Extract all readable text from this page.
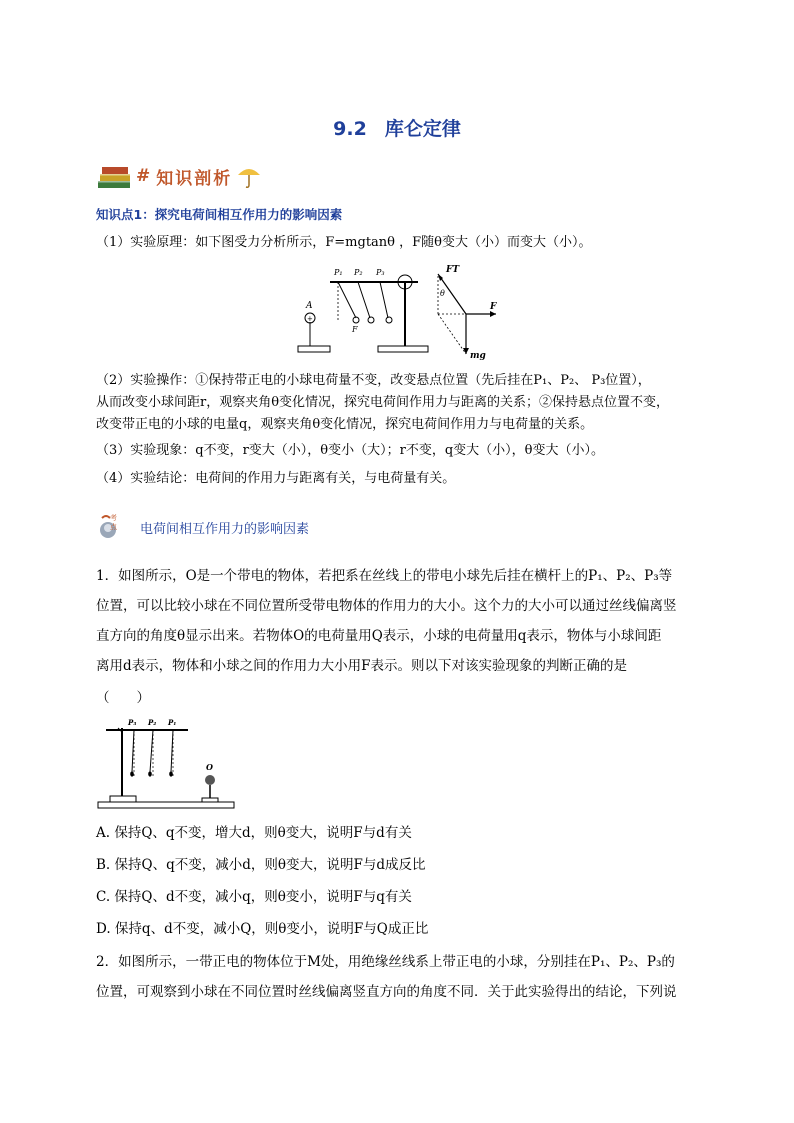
9.2 库仑定律
# 知识剖析
知识点1：探究电荷间相互作用力的影响因素
（1）实验原理：如下图受力分析所示，F=mgtanθ ，F随θ变大（小）而变大（小）。
+
A
P₁ P₂ P₃
F
FT
θ
F
mg
（2）实验操作：①保持带正电的小球电荷量不变，改变悬点位置（先后挂在P₁、P₂、 P₃位置），
从而改变小球间距r，观察夹角θ变化情况，探究电荷间作用力与距离的关系；②保持悬点位置不变，
改变带正电的小球的电量q，观察夹角θ变化情况，探究电荷间作用力与电荷量的关系。
（3）实验现象：q不变，r变大（小），θ变小（大）；r不变，q变大（小），θ变大（小）。
（4）实验结论：电荷间的作用力与距离有关，与电荷量有关。
考点 电荷间相互作用力的影响因素
1．如图所示，O是一个带电的物体，若把系在丝线上的带电小球先后挂在横杆上的P₁、P₂、P₃等
位置，可以比较小球在不同位置所受带电物体的作用力的大小。这个力的大小可以通过丝线偏离竖
直方向的角度θ显示出来。若物体O的电荷量用Q表示，小球的电荷量用q表示，物体与小球间距
离用d表示，物体和小球之间的作用力大小用F表示。则以下对该实验现象的判断正确的是
（　　）
P₃ P₂ P₁
O
A. 保持Q、q不变，增大d，则θ变大，说明F与d有关
B. 保持Q、q不变，减小d，则θ变大，说明F与d成反比
C. 保持Q、d不变，减小q，则θ变小，说明F与q有关
D. 保持q、d不变，减小Q，则θ变小，说明F与Q成正比
2．如图所示，一带正电的物体位于M处，用绝缘丝线系上带正电的小球，分别挂在P₁、P₂、P₃的
位置，可观察到小球在不同位置时丝线偏离竖直方向的角度不同．关于此实验得出的结论，下列说
